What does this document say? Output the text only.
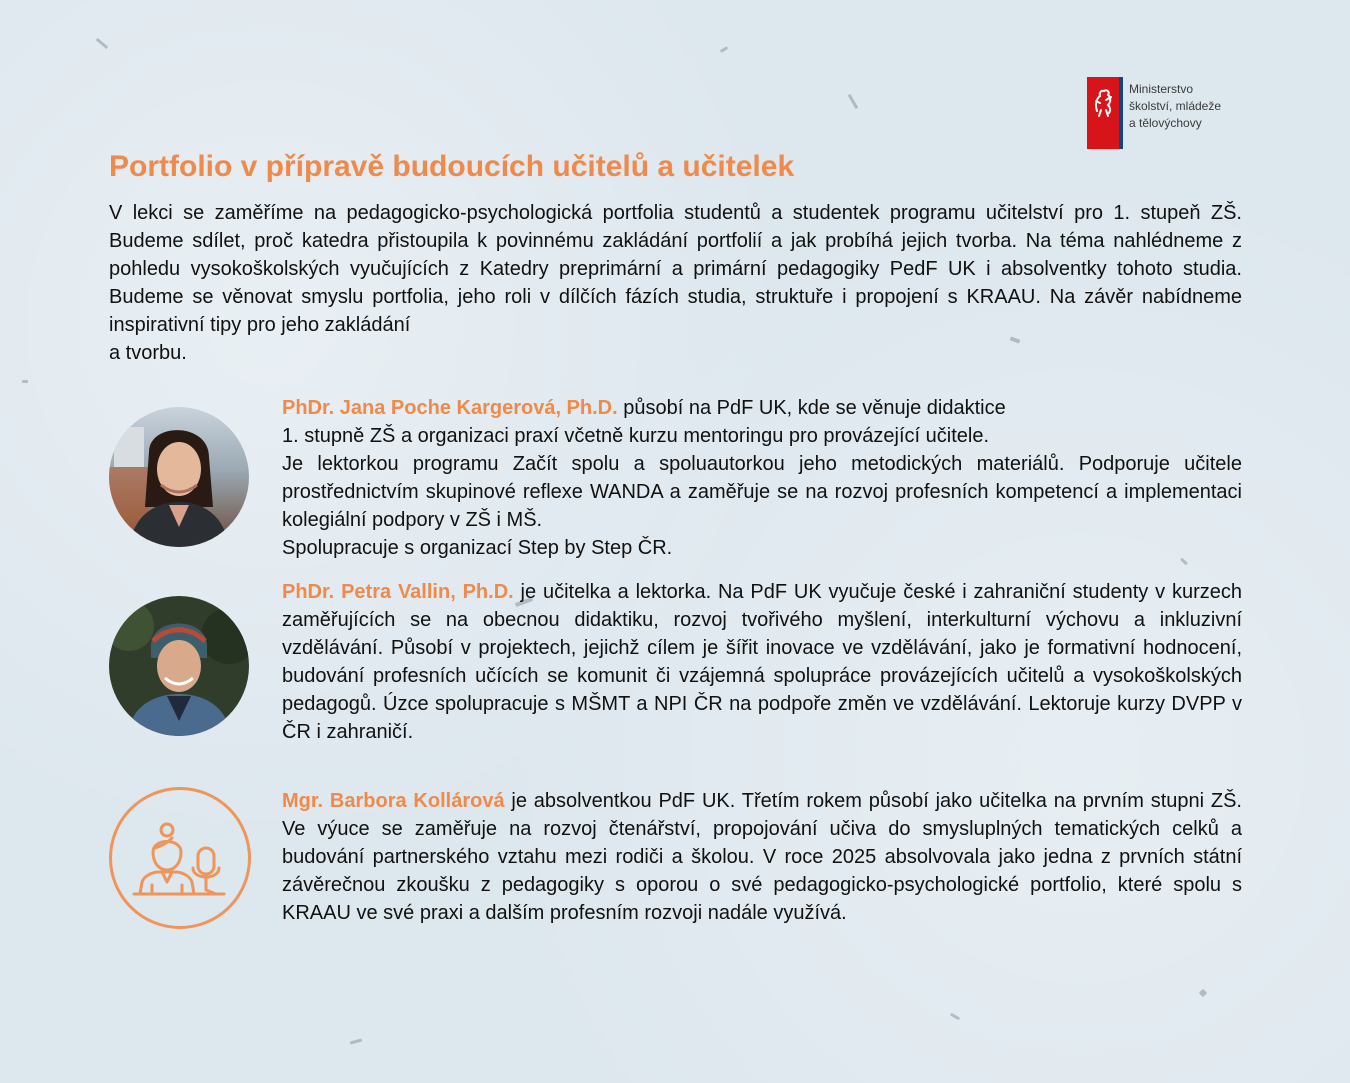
Ministerstvo
školství, mládeže
a tělovýchovy
Portfolio v přípravě budoucích učitelů a učitelek
V lekci se zaměříme na pedagogicko-psychologická portfolia studentů a studentek programu učitelství pro 1. stupeň ZŠ. Budeme sdílet, proč katedra přistoupila k povinnému zakládání portfolií a jak probíhá jejich tvorba. Na téma nahlédneme z pohledu vysokoškolských vyučujících z Katedry preprimární a primární pedagogiky PedF UK i absolventky tohoto studia. Budeme se věnovat smyslu portfolia, jeho roli v dílčích fázích studia, struktuře i propojení s KRAAU. Na závěr nabídneme inspirativní tipy pro jeho zakládání
a tvorbu.
PhDr. Jana Poche Kargerová, Ph.D. působí na PdF UK, kde se věnuje didaktice
1. stupně ZŠ a organizaci praxí včetně kurzu mentoringu pro provázející učitele.
Je lektorkou programu Začít spolu a spoluautorkou jeho metodických materiálů. Podporuje učitele prostřednictvím skupinové reflexe WANDA a zaměřuje se na rozvoj profesních kompetencí a implementaci kolegiální podpory v ZŠ i MŠ.
Spolupracuje s organizací Step by Step ČR.
PhDr. Petra Vallin, Ph.D. je učitelka a lektorka. Na PdF UK vyučuje české i zahraniční studenty v kurzech zaměřujících se na obecnou didaktiku, rozvoj tvořivého myšlení, interkulturní výchovu a inkluzivní vzdělávání. Působí v projektech, jejichž cílem je šířit inovace ve vzdělávání, jako je formativní hodnocení, budování profesních učících se komunit či vzájemná spolupráce provázejících učitelů a vysokoškolských pedagogů. Úzce spolupracuje s MŠMT a NPI ČR na podpoře změn ve vzdělávání. Lektoruje kurzy DVPP v ČR i zahraničí.
Mgr. Barbora Kollárová je absolventkou PdF UK. Třetím rokem působí jako učitelka na prvním stupni ZŠ. Ve výuce se zaměřuje na rozvoj čtenářství, propojování učiva do smysluplných tematických celků a budování partnerského vztahu mezi rodiči a školou. V roce 2025 absolvovala jako jedna z prvních státní závěrečnou zkoušku z pedagogiky s oporou o své pedagogicko-psychologické portfolio, které spolu s KRAAU ve své praxi a dalším profesním rozvoji nadále využívá.
